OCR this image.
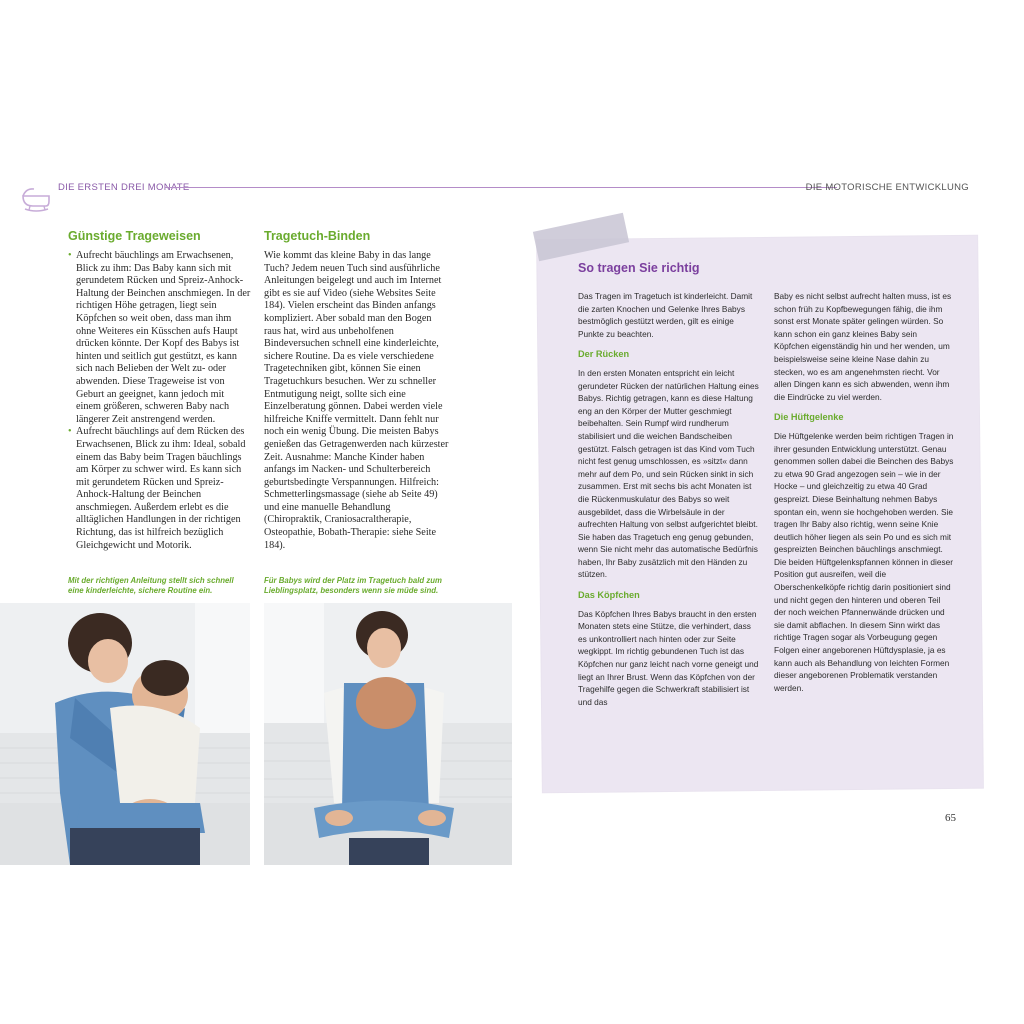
DIE ERSTEN DREI MONATE	DIE MOTORISCHE ENTWICKLUNG
Günstige Trageweisen
• Aufrecht bäuchlings am Erwachsenen, Blick zu ihm: Das Baby kann sich mit gerundetem Rücken und Spreiz-Anhock-Haltung der Beinchen anschmiegen. In der richtigen Höhe getragen, liegt sein Köpfchen so weit oben, dass man ihm ohne Weiteres ein Küsschen aufs Haupt drücken könnte. Der Kopf des Babys ist hinten und seitlich gut gestützt, es kann sich nach Belieben der Welt zu- oder abwenden. Diese Trageweise ist von Geburt an geeignet, kann jedoch mit einem größeren, schweren Baby nach längerer Zeit anstrengend werden.
• Aufrecht bäuchlings auf dem Rücken des Erwachsenen, Blick zu ihm: Ideal, sobald einem das Baby beim Tragen bäuchlings am Körper zu schwer wird. Es kann sich mit gerundetem Rücken und Spreiz-Anhock-Haltung der Beinchen anschmiegen. Außerdem erlebt es die alltäglichen Handlungen in der richtigen Richtung, das ist hilfreich bezüglich Gleichgewicht und Motorik.
Mit der richtigen Anleitung stellt sich schnell eine kinderleichte, sichere Routine ein.
Tragetuch-Binden
Wie kommt das kleine Baby in das lange Tuch? Jedem neuen Tuch sind ausführliche Anleitungen beigelegt und auch im Internet gibt es sie auf Video (siehe Websites Seite 184). Vielen erscheint das Binden anfangs kompliziert. Aber sobald man den Bogen raus hat, wird aus unbeholfenen Bindeversuchen schnell eine kinderleichte, sichere Routine. Da es viele verschiedene Tragetechniken gibt, können Sie einen Tragetuchkurs besuchen. Wer zu schneller Entmutigung neigt, sollte sich eine Einzelberatung gönnen. Dabei werden viele hilfreiche Kniffe vermittelt. Dann fehlt nur noch ein wenig Übung. Die meisten Babys genießen das Getragenwerden nach kürzester Zeit. Ausnahme: Manche Kinder haben anfangs im Nacken- und Schulterbereich geburtsbedingte Verspannungen. Hilfreich: Schmetterlingsmassage (siehe ab Seite 49) und eine manuelle Behandlung (Chiropraktik, Craniosacraltherapie, Osteopathie, Bobath-Therapie: siehe Seite 184).
Für Babys wird der Platz im Tragetuch bald zum Lieblingsplatz, besonders wenn sie müde sind.
So tragen Sie richtig

Das Tragen im Tragetuch ist kinderleicht. Damit die zarten Knochen und Gelenke Ihres Babys bestmöglich gestützt werden, gilt es einige Punkte zu beachten.

Der Rücken

In den ersten Monaten entspricht ein leicht gerundeter Rücken der natürlichen Haltung eines Babys. Richtig getragen, kann es diese Haltung eng an den Körper der Mutter geschmiegt beibehalten. Sein Rumpf wird rundherum stabilisiert und die weichen Bandscheiben gestützt. Falsch getragen ist das Kind vom Tuch nicht fest genug umschlossen, es »sitzt« dann mehr auf dem Po, und sein Rücken sinkt in sich zusammen. Erst mit sechs bis acht Monaten ist die Rückenmuskulatur des Babys so weit ausgebildet, dass die Wirbelsäule in der aufrechten Haltung von selbst aufgerichtet bleibt. Sie haben das Tragetuch eng genug gebunden, wenn Sie nicht mehr das automatische Bedürfnis haben, Ihr Baby zusätzlich mit den Händen zu stützen.

Das Köpfchen

Das Köpfchen Ihres Babys braucht in den ersten Monaten stets eine Stütze, die verhindert, dass es unkontrolliert nach hinten oder zur Seite wegkippt. Im richtig gebundenen Tuch ist das Köpfchen nur ganz leicht nach vorne geneigt und liegt an Ihrer Brust. Wenn das Köpfchen von der Tragehilfe gegen die Schwerkraft stabilisiert ist und das

Baby es nicht selbst aufrecht halten muss, ist es schon früh zu Kopfbewegungen fähig, die ihm sonst erst Monate später gelingen würden. So kann schon ein ganz kleines Baby sein Köpfchen eigenständig hin und her wenden, um beispielsweise seine kleine Nase dahin zu stecken, wo es am angenehmsten riecht. Vor allen Dingen kann es sich abwenden, wenn ihm die Eindrücke zu viel werden.

Die Hüftgelenke

Die Hüftgelenke werden beim richtigen Tragen in ihrer gesunden Entwicklung unterstützt. Genau genommen sollen dabei die Beinchen des Babys zu etwa 90 Grad angezogen sein – wie in der Hocke – und gleichzeitig zu etwa 40 Grad gespreizt. Diese Beinhaltung nehmen Babys spontan ein, wenn sie hochgehoben werden. Sie tragen Ihr Baby also richtig, wenn seine Knie deutlich höher liegen als sein Po und es sich mit gespreizten Beinchen bäuchlings anschmiegt. Die beiden Hüftgelenkspfannen können in dieser Position gut ausreifen, weil die Oberschenkelköpfe richtig darin positioniert sind und nicht gegen den hinteren und oberen Teil der noch weichen Pfannenwände drücken und sie damit abflachen. In diesem Sinn wirkt das richtige Tragen sogar als Vorbeugung gegen Folgen einer angeborenen Hüftdysplasie, ja es kann auch als Behandlung von leichten Formen dieser angeborenen Problematik verstanden werden.

65
